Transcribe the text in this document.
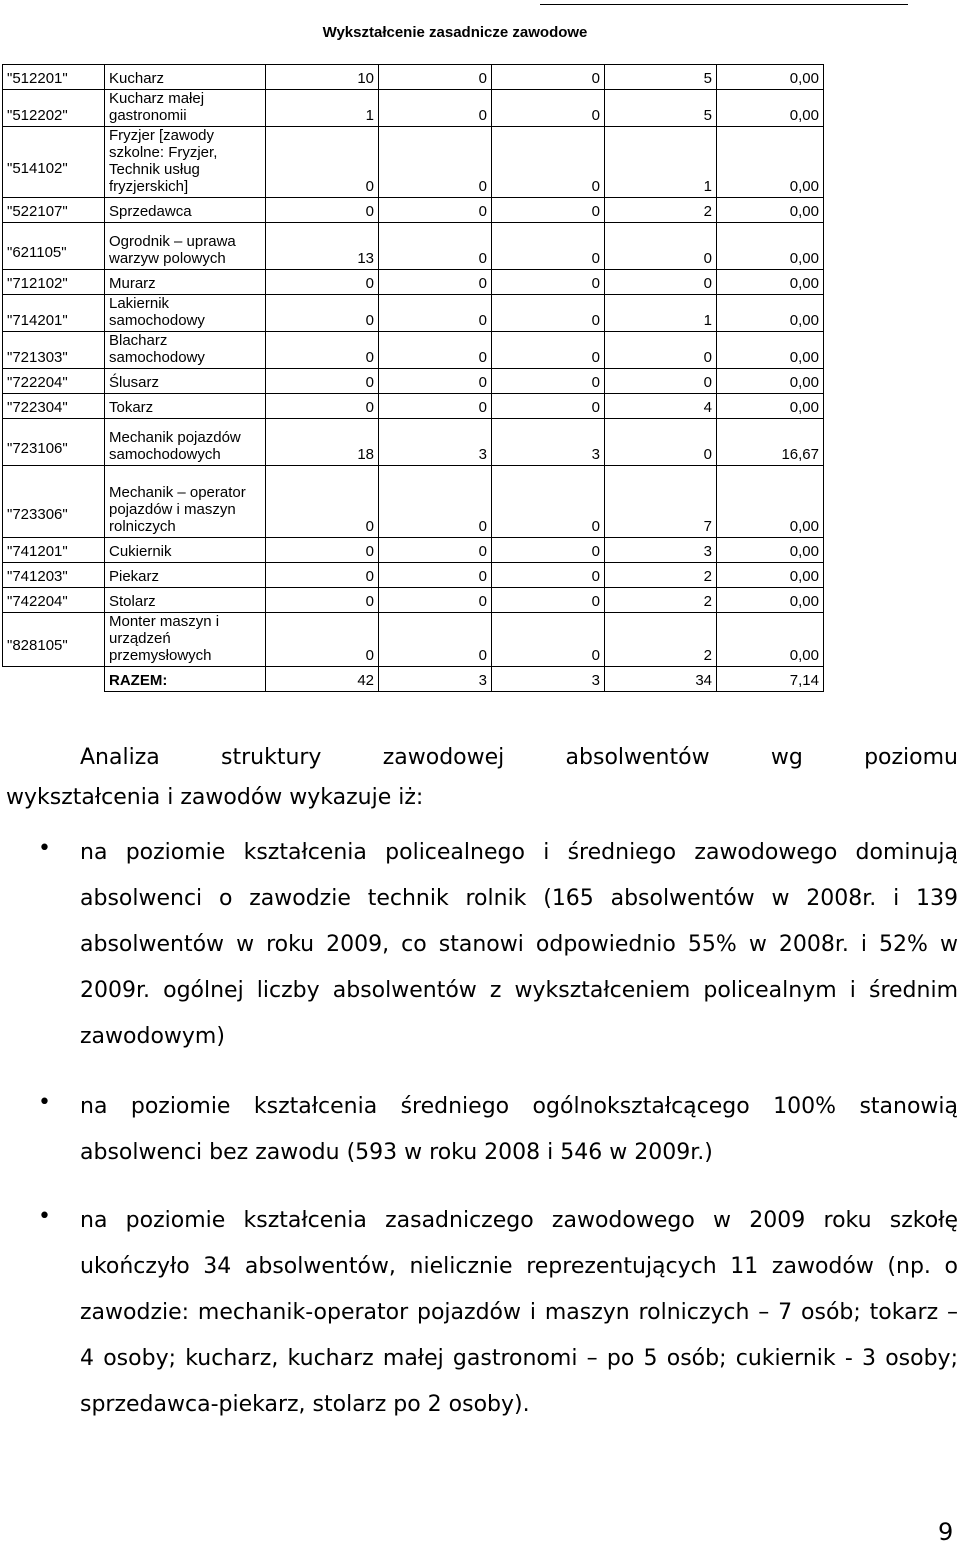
Wykształcenie zasadnicze zawodowe
"512201"	Kucharz	10	0	0	5	0,00
"512202"	Kucharz małej gastronomii	1	0	0	5	0,00
"514102"	Fryzjer [zawody szkolne: Fryzjer, Technik usług fryzjerskich]	0	0	0	1	0,00
"522107"	Sprzedawca	0	0	0	2	0,00
"621105"	Ogrodnik – uprawa warzyw polowych	13	0	0	0	0,00
"712102"	Murarz	0	0	0	0	0,00
"714201"	Lakiernik samochodowy	0	0	0	1	0,00
"721303"	Blacharz samochodowy	0	0	0	0	0,00
"722204"	Ślusarz	0	0	0	0	0,00
"722304"	Tokarz	0	0	0	4	0,00
"723106"	Mechanik pojazdów samochodowych	18	3	3	0	16,67
"723306"	Mechanik – operator pojazdów i maszyn rolniczych	0	0	0	7	0,00
"741201"	Cukiernik	0	0	0	3	0,00
"741203"	Piekarz	0	0	0	2	0,00
"742204"	Stolarz	0	0	0	2	0,00
"828105"	Monter maszyn i urządzeń przemysłowych	0	0	0	2	0,00
	RAZEM:	42	3	3	34	7,14
Analiza struktury zawodowej absolwentów wg poziomu
wykształcenia i zawodów wykazuje iż:
• na poziomie kształcenia policealnego i średniego zawodowego dominują absolwenci o zawodzie technik rolnik (165 absolwentów w 2008r. i 139 absolwentów w roku 2009, co stanowi odpowiednio 55% w 2008r. i 52% w 2009r. ogólnej liczby absolwentów z wykształceniem policealnym i średnim zawodowym)
• na poziomie kształcenia średniego ogólnokształcącego 100% stanowią absolwenci bez zawodu (593 w roku 2008 i 546 w 2009r.)
• na poziomie kształcenia zasadniczego zawodowego w 2009 roku szkołę ukończyło 34 absolwentów, nielicznie reprezentujących 11 zawodów (np. o zawodzie: mechanik-operator pojazdów i maszyn rolniczych – 7 osób; tokarz – 4 osoby; kucharz, kucharz małej gastronomi – po 5 osób; cukiernik - 3 osoby; sprzedawca-piekarz, stolarz po 2 osoby).
9
